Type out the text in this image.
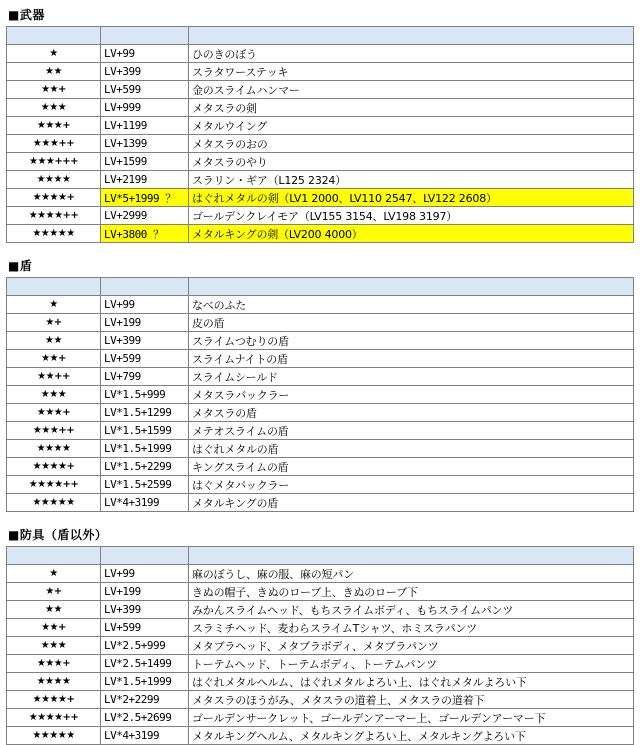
■武器

★	LV+99	ひのきのぼう
★★	LV+399	スラタワーステッキ
★★+	LV+599	金のスライムハンマー
★★★	LV+999	メタスラの剣
★★★+	LV+1199	メタルウイング
★★★++	LV+1399	メタスラのおの
★★★+++	LV+1599	メタスラのやり
★★★★	LV+2199	スラリン・ギア（L125 2324）
★★★★+	LV*5+1999 ？	はぐれメタルの剣（LV1 2000、LV110 2547、LV122 2608）
★★★★++	LV+2999	ゴールデンクレイモア（LV155 3154、LV198 3197）
★★★★★	LV+3800 ？	メタルキングの剣（LV200 4000）
■盾

★	LV+99	なべのふた
★+	LV+199	皮の盾
★★	LV+399	スライムつむりの盾
★★+	LV+599	スライムナイトの盾
★★++	LV+799	スライムシールド
★★★	LV*1.5+999	メタスラバックラー
★★★+	LV*1.5+1299	メタスラの盾
★★★++	LV*1.5+1599	メテオスライムの盾
★★★★	LV*1.5+1999	はぐれメタルの盾
★★★★+	LV*1.5+2299	キングスライムの盾
★★★★++	LV*1.5+2599	はぐメタバックラー
★★★★★	LV*4+3199	メタルキングの盾
■防具（盾以外）

★	LV+99	麻のぼうし、麻の服、麻の短パン
★+	LV+199	きぬの帽子、きぬのローブ上、きぬのローブ下
★★	LV+399	みかんスライムヘッド、もちスライムボディ、もちスライムパンツ
★★+	LV+599	スラミチヘッド、麦わらスライムTシャツ、ホミスラパンツ
★★★	LV*2.5+999	メタブラヘッド、メタブラボディ、メタブラパンツ
★★★+	LV*2.5+1499	トーテムヘッド、トーテムボディ、トーテムパンツ
★★★★	LV*1.5+1999	はぐれメタルヘルム、はぐれメタルよろい上、はぐれメタルよろい下
★★★★+	LV*2+2299	メタスラのほうがみ、メタスラの道着上、メタスラの道着下
★★★★++	LV*2.5+2699	ゴールデンサークレット、ゴールデンアーマー上、ゴールデンアーマー下
★★★★★	LV*4+3199	メタルキングヘルム、メタルキングよろい上、メタルキングよろい下
